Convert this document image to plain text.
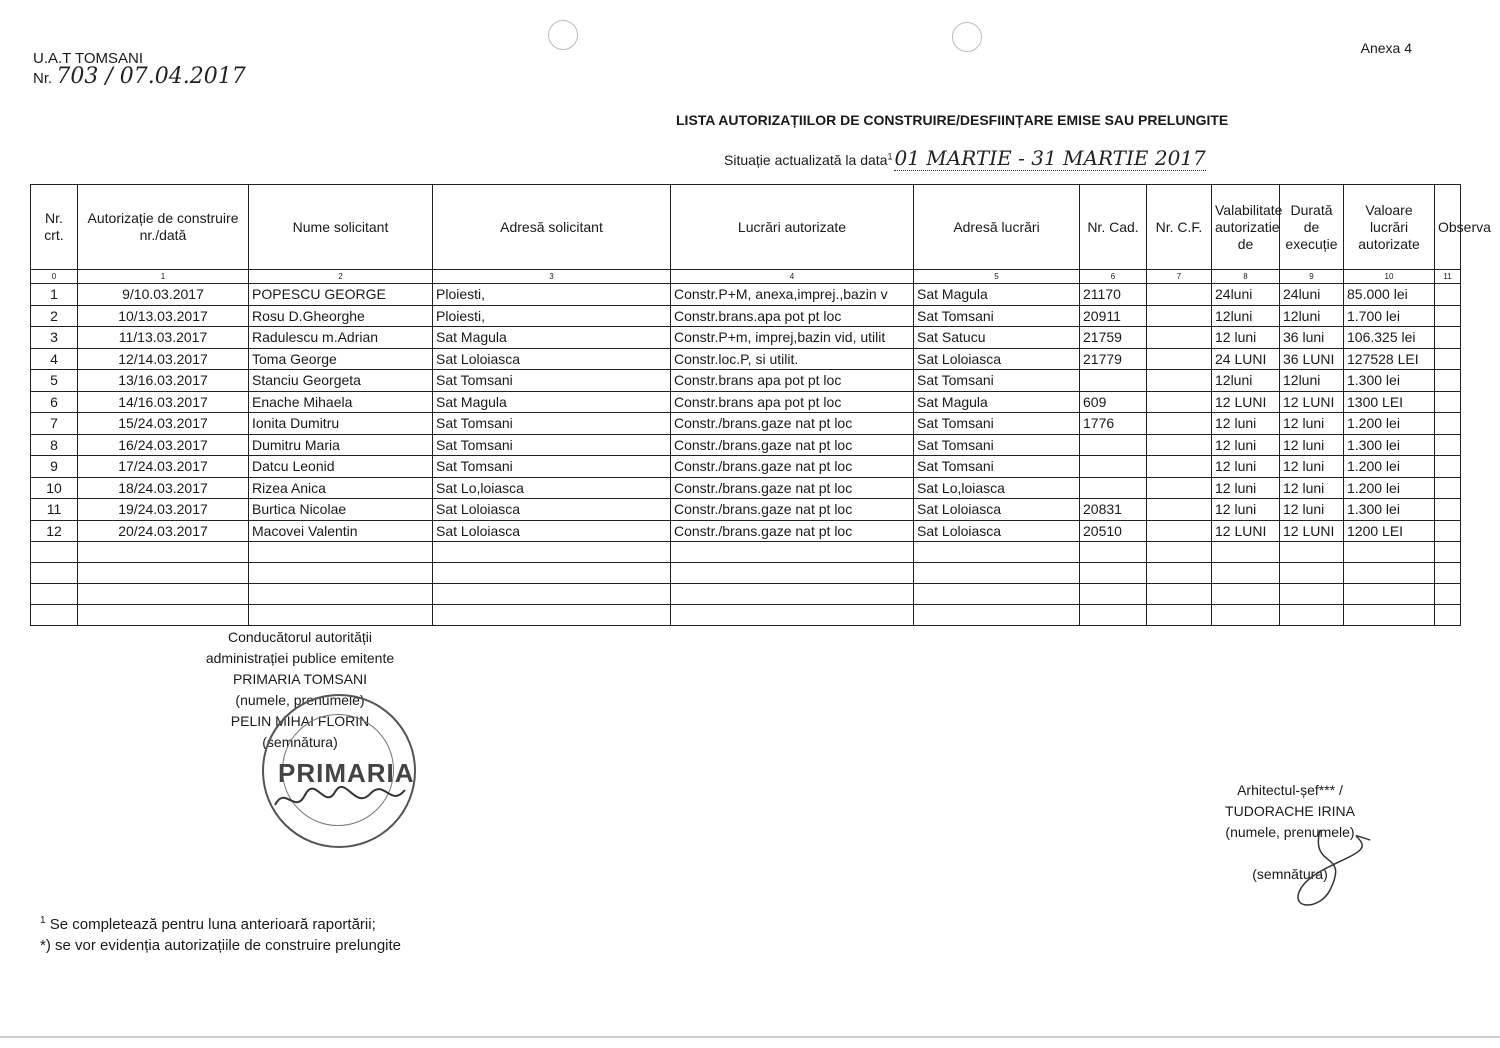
U.A.T TOMSANI
Nr. 703 / 07.04.2017
Anexa 4
LISTA AUTORIZAȚIILOR DE CONSTRUIRE/DESFIINȚARE EMISE SAU PRELUNGITE
Situație actualizată la data$^1$ 01 MARTIE - 31 MARTIE 2017
Nr. crt.	Autorizație de construire nr./dată	Nume solicitant	Adresă solicitant	Lucrări autorizate	Adresă lucrări	Nr. Cad.	Nr. C.F.	Valabilitate autorizatie de	Durată de execuție	Valoare lucrări autorizate	Observa
0	1	2	3	4	5	6	7	8	9	10	11
1	9/10.03.2017	POPESCU GEORGE	Ploiesti,	Constr.P+M, anexa,imprej.,bazin v	Sat Magula	21170		24luni	24luni	85.000 lei	
2	10/13.03.2017	Rosu D.Gheorghe	Ploiesti,	Constr.brans.apa pot pt loc	Sat Tomsani	20911		12luni	12luni	1.700 lei	
3	11/13.03.2017	Radulescu m.Adrian	Sat Magula	Constr.P+m, imprej,bazin vid, utilit	Sat Satucu	21759		12 luni	36 luni	106.325 lei	
4	12/14.03.2017	Toma George	Sat Loloiasca	Constr.loc.P, si utilit.	Sat Loloiasca	21779		24 LUNI	36 LUNI	127528 LEI	
5	13/16.03.2017	Stanciu Georgeta	Sat Tomsani	Constr.brans apa pot pt loc	Sat Tomsani			12luni	12luni	1.300 lei	
6	14/16.03.2017	Enache Mihaela	Sat Magula	Constr.brans apa pot pt loc	Sat Magula	609		12 LUNI	12 LUNI	1300 LEI	
7	15/24.03.2017	Ionita Dumitru	Sat Tomsani	Constr./brans.gaze nat pt loc	Sat Tomsani	1776		12 luni	12 luni	1.200 lei	
8	16/24.03.2017	Dumitru Maria	Sat Tomsani	Constr./brans.gaze nat pt loc	Sat Tomsani			12 luni	12 luni	1.300 lei	
9	17/24.03.2017	Datcu Leonid	Sat Tomsani	Constr./brans.gaze nat pt loc	Sat Tomsani			12 luni	12 luni	1.200 lei	
10	18/24.03.2017	Rizea Anica	Sat Lo,loiasca	Constr./brans.gaze nat pt loc	Sat Lo,loiasca			12 luni	12 luni	1.200 lei	
11	19/24.03.2017	Burtica Nicolae	Sat Loloiasca	Constr./brans.gaze nat pt loc	Sat Loloiasca	20831		12 luni	12 luni	1.300 lei	
12	20/24.03.2017	Macovei Valentin	Sat Loloiasca	Constr./brans.gaze nat pt loc	Sat Loloiasca	20510		12 LUNI	12 LUNI	1200 LEI	

Conducătorul autorității
administrației publice emitente
PRIMARIA TOMSANI
(numele, prenumele)
PELIN MIHAI FLORIN
(semnătura)
PRIMARIA
Arhitectul-șef*** /
TUDORACHE IRINA
(numele, prenumele)
(semnătura)
$^1$ Se completează pentru luna anterioară raportării;
*) se vor evidenția autorizațiile de construire prelungite
